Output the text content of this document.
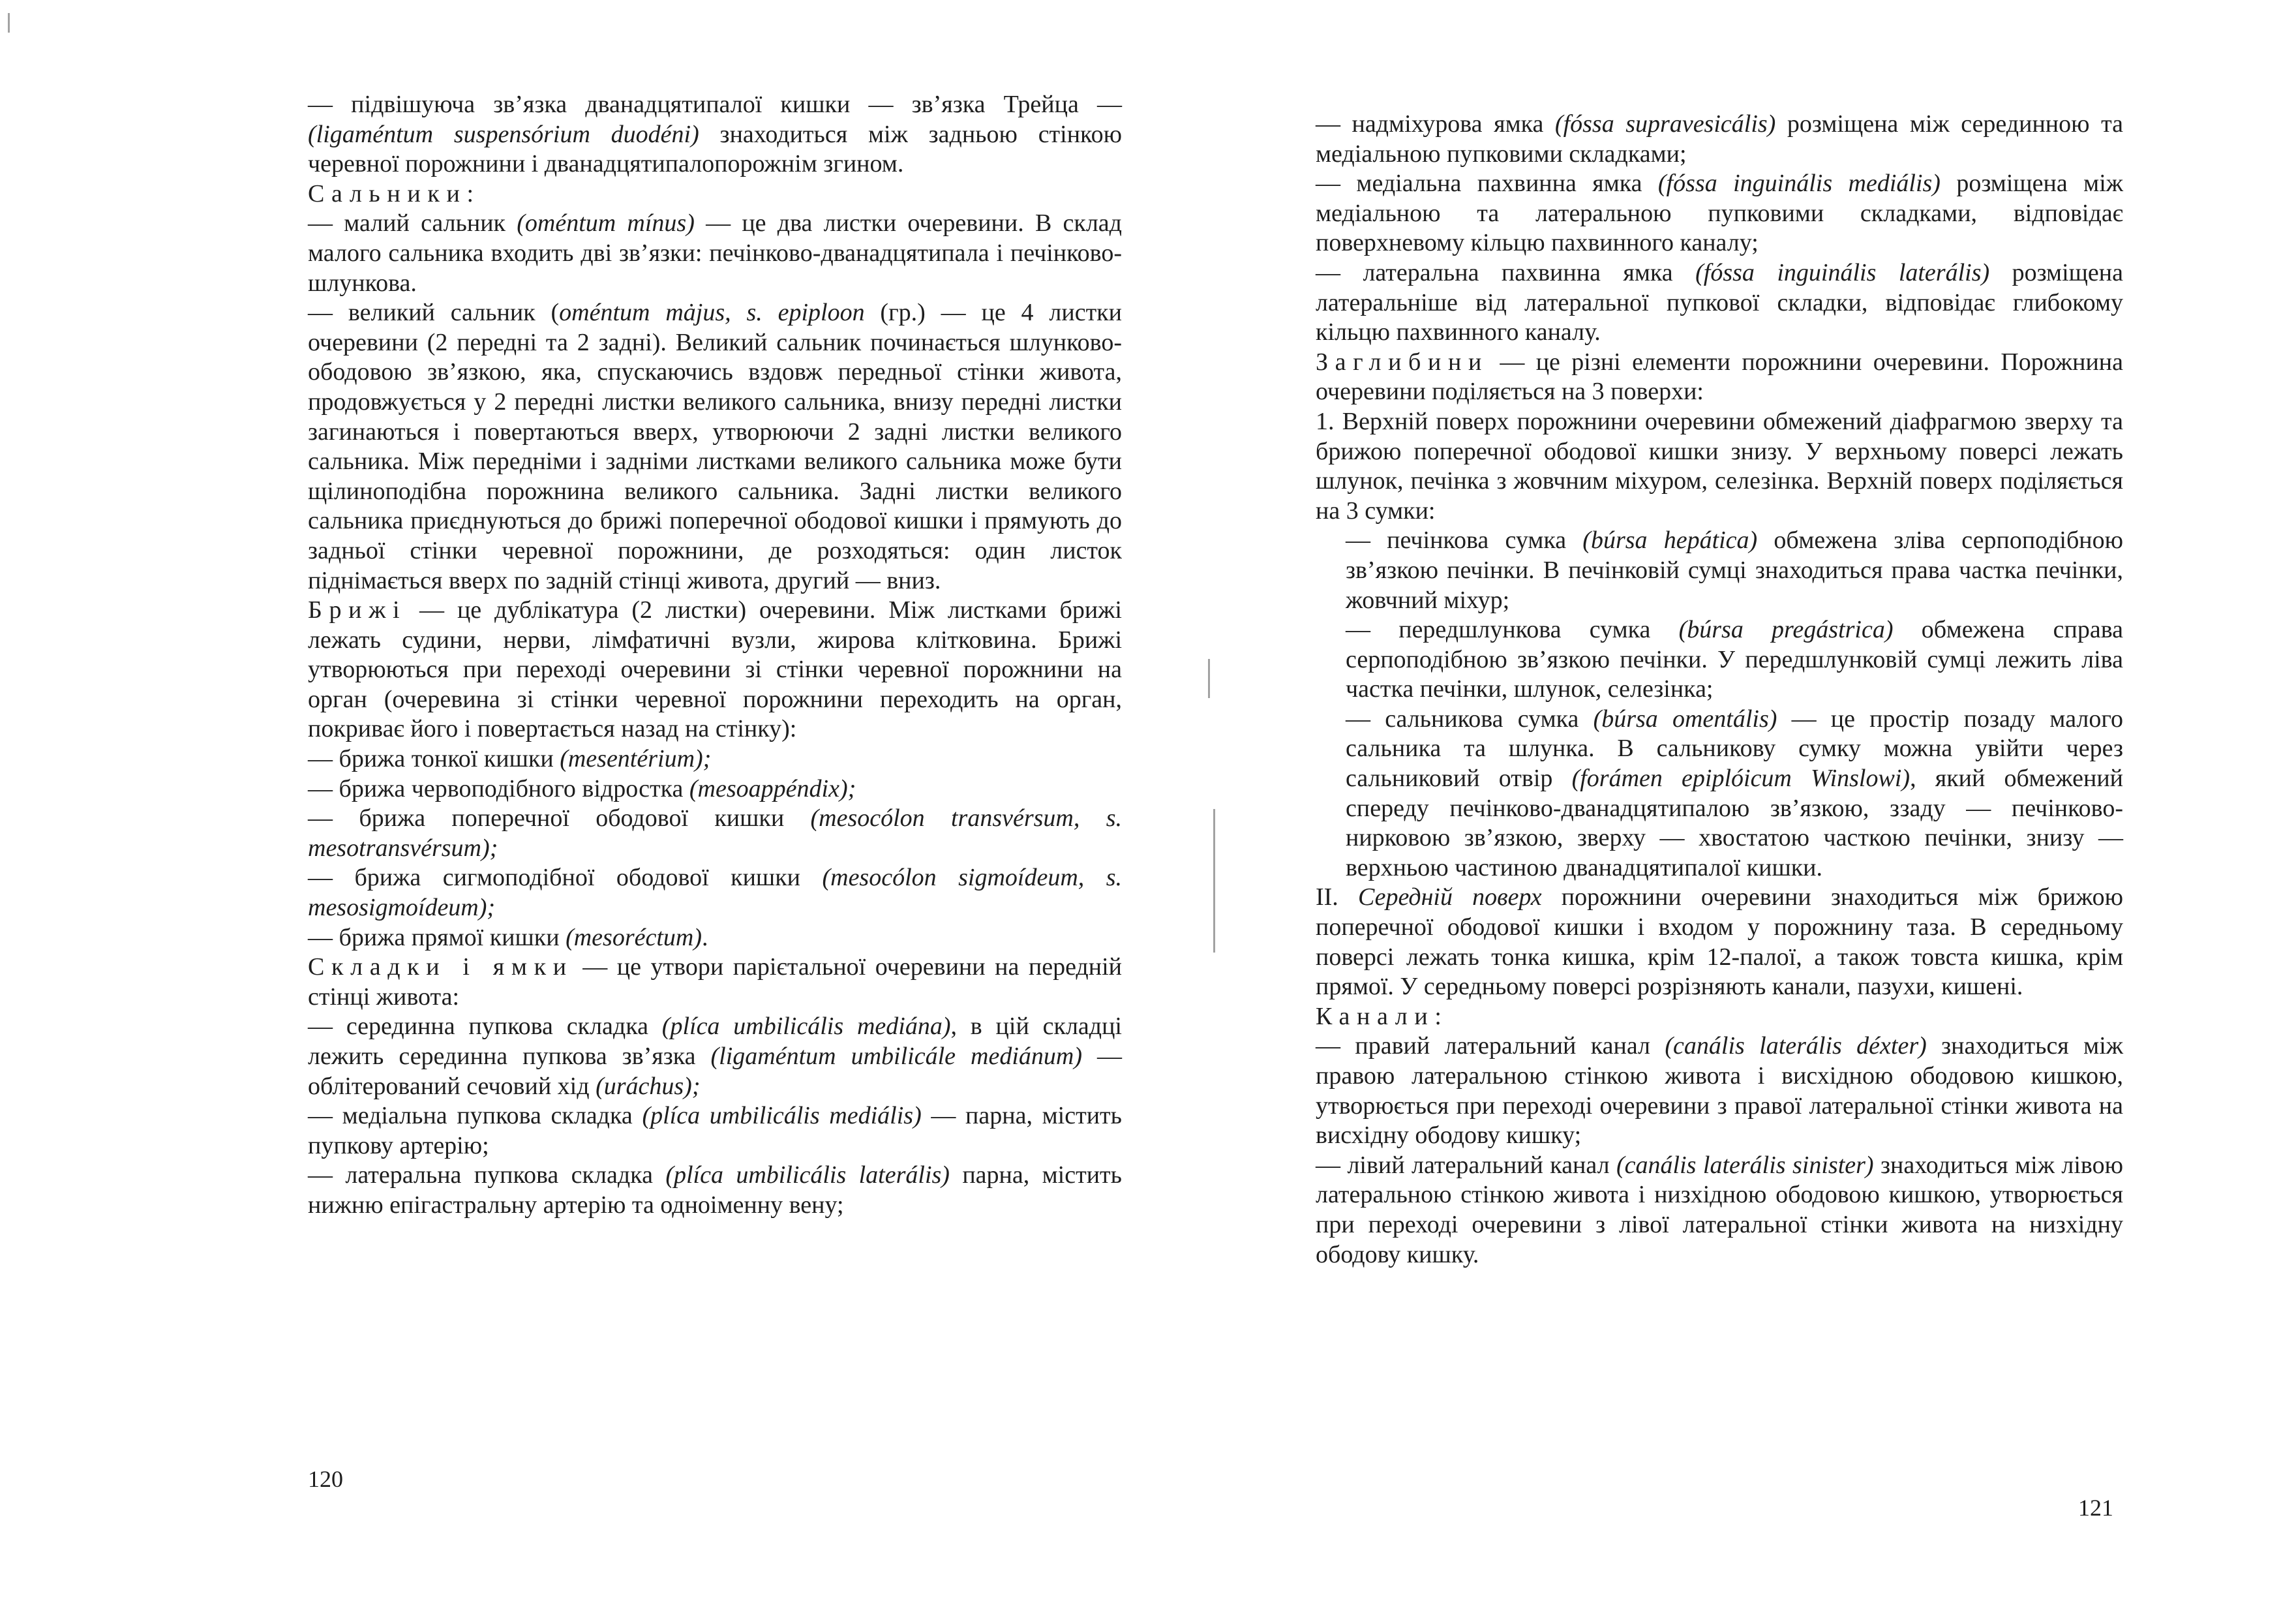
— підвішуюча зв’язка дванадцятипалої кишки — зв’язка Трейца — (ligaméntum suspensórium duodéni) знаходиться між задньою стінкою черевної порожнини і дванадцятипалопорожнім згином.

Сальники:

— малий сальник (oméntum mínus) — це два листки очеревини. В склад малого сальника входить дві зв’язки: печінково-дванадцятипала і печінково-шлункова.

— великий сальник (oméntum mȧjus, s. epiploon (гр.) — це 4 листки очеревини (2 передні та 2 задні). Великий сальник починається шлунково-ободовою зв’язкою, яка, спускаючись вздовж передньої стінки живота, продовжується у 2 передні листки великого сальника, внизу передні листки загинаються і повертаються вверх, утворюючи 2 задні листки великого сальника. Між передніми і задніми листками великого сальника може бути щілиноподібна порожнина великого сальника. Задні листки великого сальника приєднуються до брижі поперечної ободової кишки і прямують до задньої стінки черевної порожнини, де розходяться: один листок піднімається вверх по задній стінці живота, другий — вниз.

Брижі — це дублікатура (2 листки) очеревини. Між листками брижі лежать судини, нерви, лімфатичні вузли, жирова клітковина. Брижі утворюються при переході очеревини зі стінки черевної порожнини на орган (очеревина зі стінки черевної порожнини переходить на орган, покриває його і повертається назад на стінку):

— брижа тонкої кишки (mesentérium);

— брижа червоподібного відростка (mesoappéndix);

— брижа поперечної ободової кишки (mesocólon transvérsum, s. mesotransvérsum);

— брижа сигмоподібної ободової кишки (mesocólon sigmoídeum, s. mesosigmoídeum);

— брижа прямої кишки (mesoréctum).

Складки і ямки — це утвори парієтальної очеревини на передній стінці живота:

— серединна пупкова складка (plíca umbilicális mediána), в цій складці лежить серединна пупкова зв’язка (ligaméntum umbilicále mediánum) — облітерований сечовий хід (uráchus);

— медіальна пупкова складка (plíca umbilicális mediális) — парна, містить пупкову артерію;

— латеральна пупкова складка (plíca umbilicális laterális) парна, містить нижню епігастральну артерію та одноіменну вену;

120

— надміхурова ямка (fóssa supravesicális) розміщена між серединною та медіальною пупковими складками;

— медіальна пахвинна ямка (fóssa inguinális mediális) розміщена між медіальною та латеральною пупковими складками, відповідає поверхневому кільцю пахвинного каналу;

— латеральна пахвинна ямка (fóssa inguinális laterális) розміщена латеральніше від латеральної пупкової складки, відповідає глибокому кільцю пахвинного каналу.

Заглибини — це різні елементи порожнини очеревини. Порожнина очеревини поділяється на 3 поверхи:

1. Верхній поверх порожнини очеревини обмежений діафрагмою зверху та брижою поперечної ободової кишки знизу. У верхньому поверсі лежать шлунок, печінка з жовчним міхуром, селезінка. Верхній поверх поділяється на 3 сумки:

— печінкова сумка (búrsa hepática) обмежена зліва серпоподібною зв’язкою печінки. В печінковій сумці знаходиться права частка печінки, жовчний міхур;

— передшлункова сумка (búrsa pregástrica) обмежена справа серпоподібною зв’язкою печінки. У передшлунковій сумці лежить ліва частка печінки, шлунок, селезінка;

— сальникова сумка (búrsa omentális) — це простір позаду малого сальника та шлунка. В сальникову сумку можна увійти через сальниковий отвір (forámen epiplóicum Winslowi), який обмежений спереду печінково-дванадцятипалою зв’язкою, ззаду — печінково-нирковою зв’язкою, зверху — хвостатою часткою печінки, знизу — верхньою частиною дванадцятипалої кишки.

II. Середній поверх порожнини очеревини знаходиться між брижою поперечної ободової кишки і входом у порожнину таза. В середньому поверсі лежать тонка кишка, крім 12-палої, а також товста кишка, крім прямої. У середньому поверсі розрізняють канали, пазухи, кишені.

Канали:

— правий латеральний канал (canális laterális déxter) знаходиться між правою латеральною стінкою живота і висхідною ободовою кишкою, утворюється при переході очеревини з правої латеральної стінки живота на висхідну ободову кишку;

— лівий латеральний канал (canális laterális sinister) знаходиться між лівою латеральною стінкою живота і низхідною ободовою кишкою, утворюється при переході очеревини з лівої латеральної стінки живота на низхідну ободову кишку.

121
